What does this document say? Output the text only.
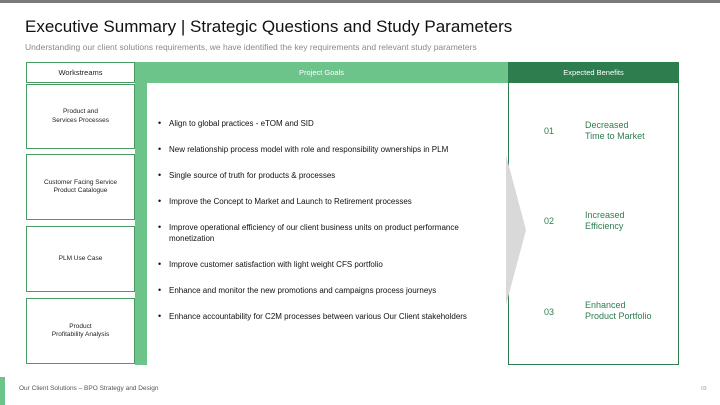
Executive Summary | Strategic Questions and Study Parameters
Understanding our client solutions requirements, we have identified the key requirements and relevant study parameters
Workstreams	Project Goals	Expected Benefits
Product and
Services Processes
Customer Facing Service
Product Catalogue
PLM Use Case
Product
Profitability Analysis
• Align to global practices - eTOM and SID
• New relationship process model with role and responsibility ownerships in PLM
• Single source of truth for products & processes
• Improve the Concept to Market and Launch to Retirement processes
• Improve operational efficiency of our client business units on product performance monetization
• Improve customer satisfaction with light weight CFS portfolio
• Enhance and monitor the new promotions and campaigns process journeys
• Enhance accountability for C2M processes between various Our Client stakeholders
01
Decreased
Time to Market
02
Increased
Efficiency
03
Enhanced
Product Portfolio
Our Client Solutions – BPO Strategy and Design	03
